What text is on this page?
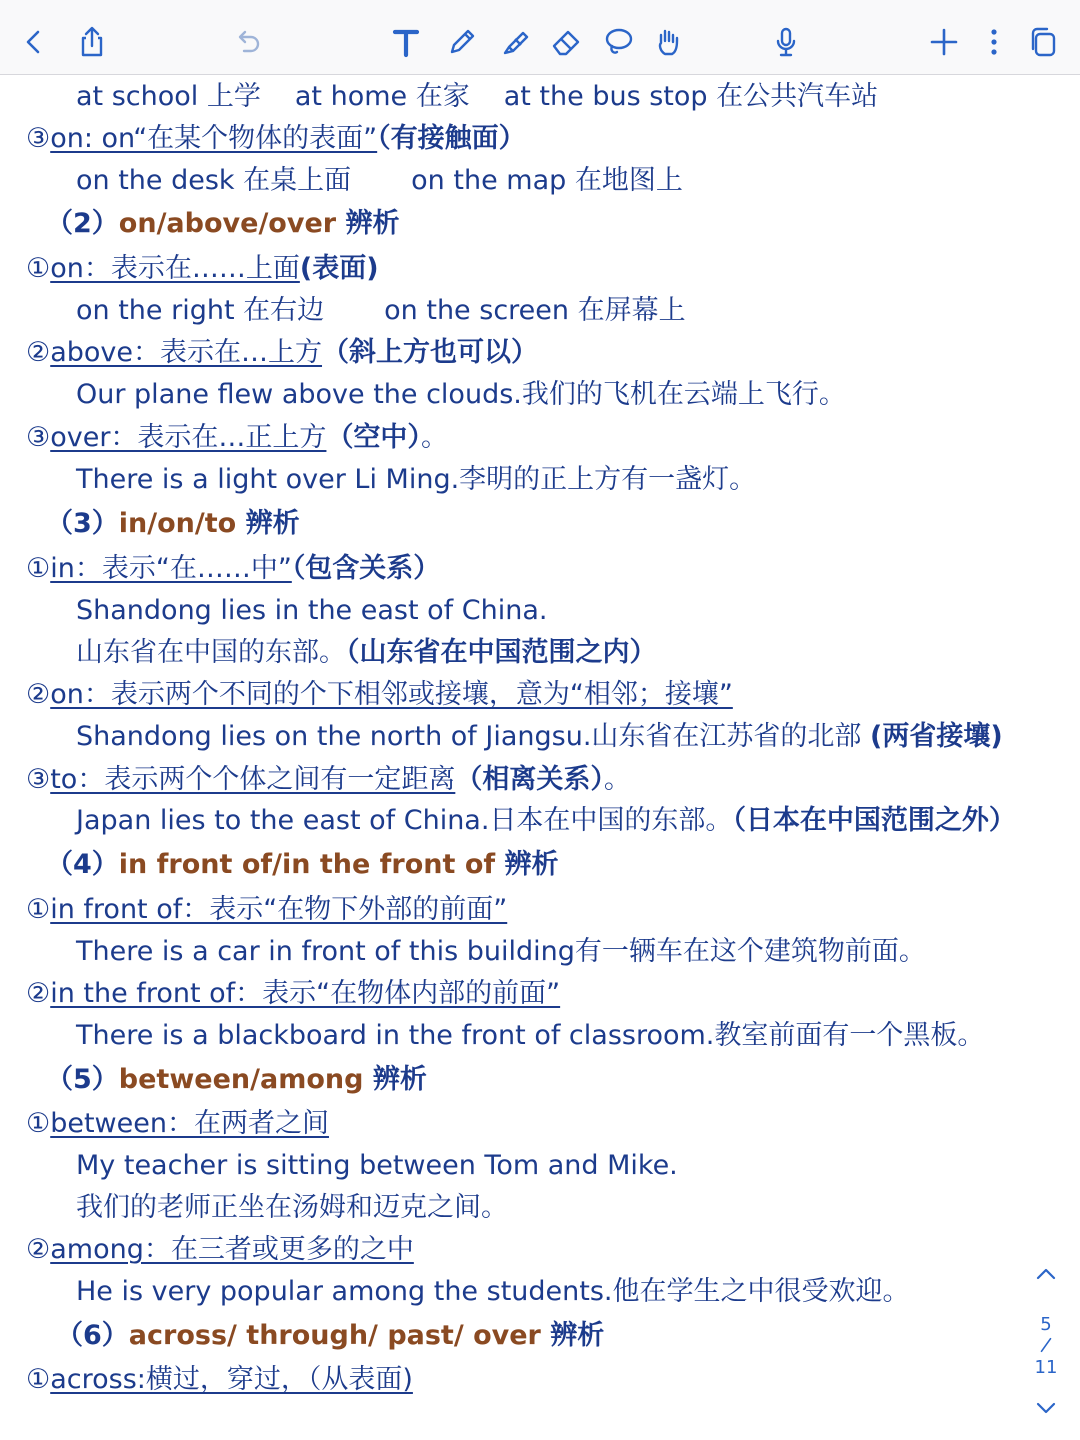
at school 上学 at home 在家 at the bus stop 在公共汽车站
③on: on“在某个物体的表面”（有接触面）
on the desk 在桌上面 on the map 在地图上
（2）on/above/over 辨析
①on：表示在……上面(表面)
on the right 在右边 on the screen 在屏幕上
②above：表示在…上方（斜上方也可以）
Our plane flew above the clouds.我们的飞机在云端上飞行。
③over：表示在…正上方（空中）。
There is a light over Li Ming.李明的正上方有一盏灯。
（3）in/on/to 辨析
①in：表示“在……中”（包含关系）
Shandong lies in the east of China.
山东省在中国的东部。（山东省在中国范围之内）
②on：表示两个不同的个下相邻或接壤，意为“相邻；接壤”
Shandong lies on the north of Jiangsu.山东省在江苏省的北部 (两省接壤)
③to：表示两个个体之间有一定距离（相离关系）。
Japan lies to the east of China.日本在中国的东部。（日本在中国范围之外）
（4）in front of/in the front of 辨析
①in front of：表示“在物下外部的前面”
There is a car in front of this building有一辆车在这个建筑物前面。
②in the front of：表示“在物体内部的前面”
There is a blackboard in the front of classroom.教室前面有一个黑板。
（5）between/among 辨析
①between：在两者之间
My teacher is sitting between Tom and Mike.
我们的老师正坐在汤姆和迈克之间。
②among：在三者或更多的之中
He is very popular among the students.他在学生之中很受欢迎。
（6）across/ through/ past/ over 辨析
①across:横过，穿过，（从表面)
5
11
